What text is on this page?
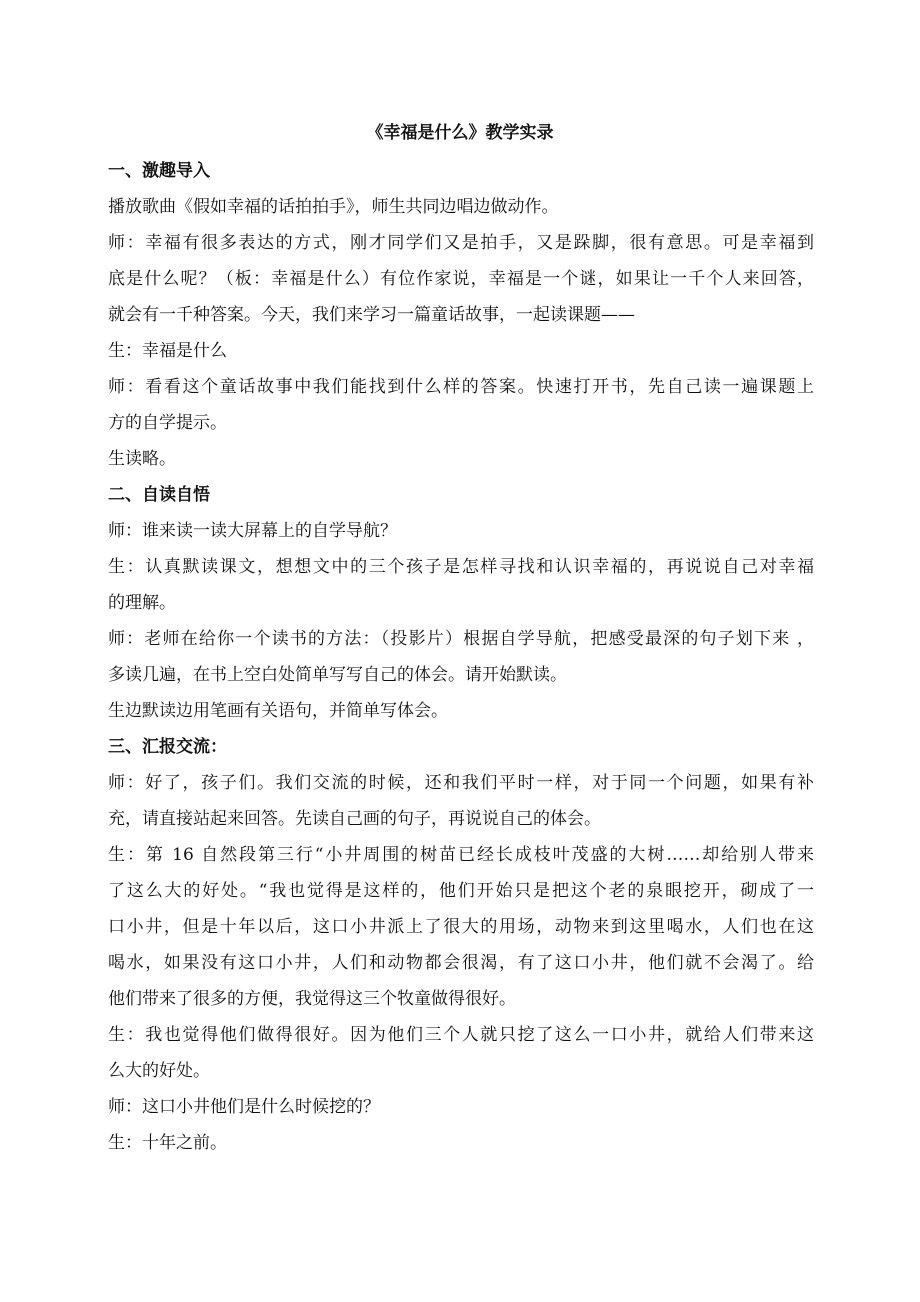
《幸福是什么》教学实录
一、激趣导入
播放歌曲《假如幸福的话拍拍手》，师生共同边唱边做动作。
师：幸福有很多表达的方式，刚才同学们又是拍手，又是跺脚，很有意思。可是幸福到
底是什么呢？（板：幸福是什么）有位作家说，幸福是一个谜，如果让一千个人来回答，
就会有一千种答案。今天，我们来学习一篇童话故事，一起读课题——
生：幸福是什么
师：看看这个童话故事中我们能找到什么样的答案。快速打开书，先自己读一遍课题上
方的自学提示。
生读略。
二、自读自悟
师：谁来读一读大屏幕上的自学导航？
生：认真默读课文，想想文中的三个孩子是怎样寻找和认识幸福的，再说说自己对幸福
的理解。
师：老师在给你一个读书的方法：（投影片）根据自学导航，把感受最深的句子划下来 ，
多读几遍，在书上空白处简单写写自己的体会。请开始默读。
生边默读边用笔画有关语句，并简单写体会。
三、汇报交流：
师：好了，孩子们。我们交流的时候，还和我们平时一样，对于同一个问题，如果有补
充，请直接站起来回答。先读自己画的句子，再说说自己的体会。
生：第 16 自然段第三行“小井周围的树苗已经长成枝叶茂盛的大树……却给别人带来
了这么大的好处。“我也觉得是这样的，他们开始只是把这个老的泉眼挖开，砌成了一
口小井，但是十年以后，这口小井派上了很大的用场，动物来到这里喝水，人们也在这
喝水，如果没有这口小井，人们和动物都会很渴，有了这口小井，他们就不会渴了。给
他们带来了很多的方便，我觉得这三个牧童做得很好。
生：我也觉得他们做得很好。因为他们三个人就只挖了这么一口小井，就给人们带来这
么大的好处。
师：这口小井他们是什么时候挖的？
生：十年之前。
